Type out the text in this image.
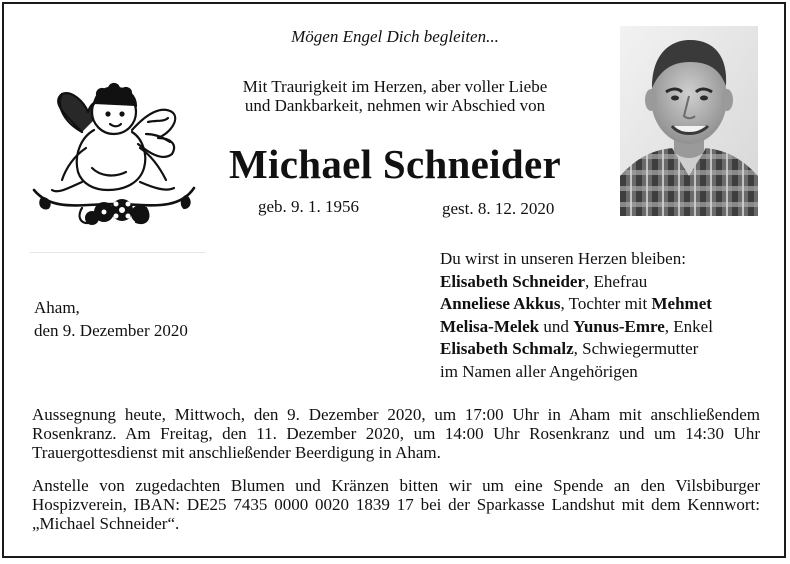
Mögen Engel Dich begleiten...
Mit Traurigkeit im Herzen, aber voller Liebe
und Dankbarkeit, nehmen wir Abschied von
Michael Schneider
geb. 9. 1. 1956	gest. 8. 12. 2020
Aham,
den 9. Dezember 2020
Du wirst in unseren Herzen bleiben:
Elisabeth Schneider, Ehefrau
Anneliese Akkus, Tochter mit Mehmet
Melisa-Melek und Yunus-Emre, Enkel
Elisabeth Schmalz, Schwiegermutter
im Namen aller Angehörigen
Aussegnung heute, Mittwoch, den 9. Dezember 2020, um 17:00 Uhr in Aham mit anschließendem Rosenkranz. Am Freitag, den 11. Dezember 2020, um 14:00 Uhr Rosenkranz und um 14:30 Uhr Trauergottesdienst mit anschließender Beerdigung in Aham.
Anstelle von zugedachten Blumen und Kränzen bitten wir um eine Spende an den Vilsbiburger Hospizverein, IBAN: DE25 7435 0000 0020 1839 17 bei der Sparkasse Landshut mit dem Kennwort: „Michael Schneider“.
